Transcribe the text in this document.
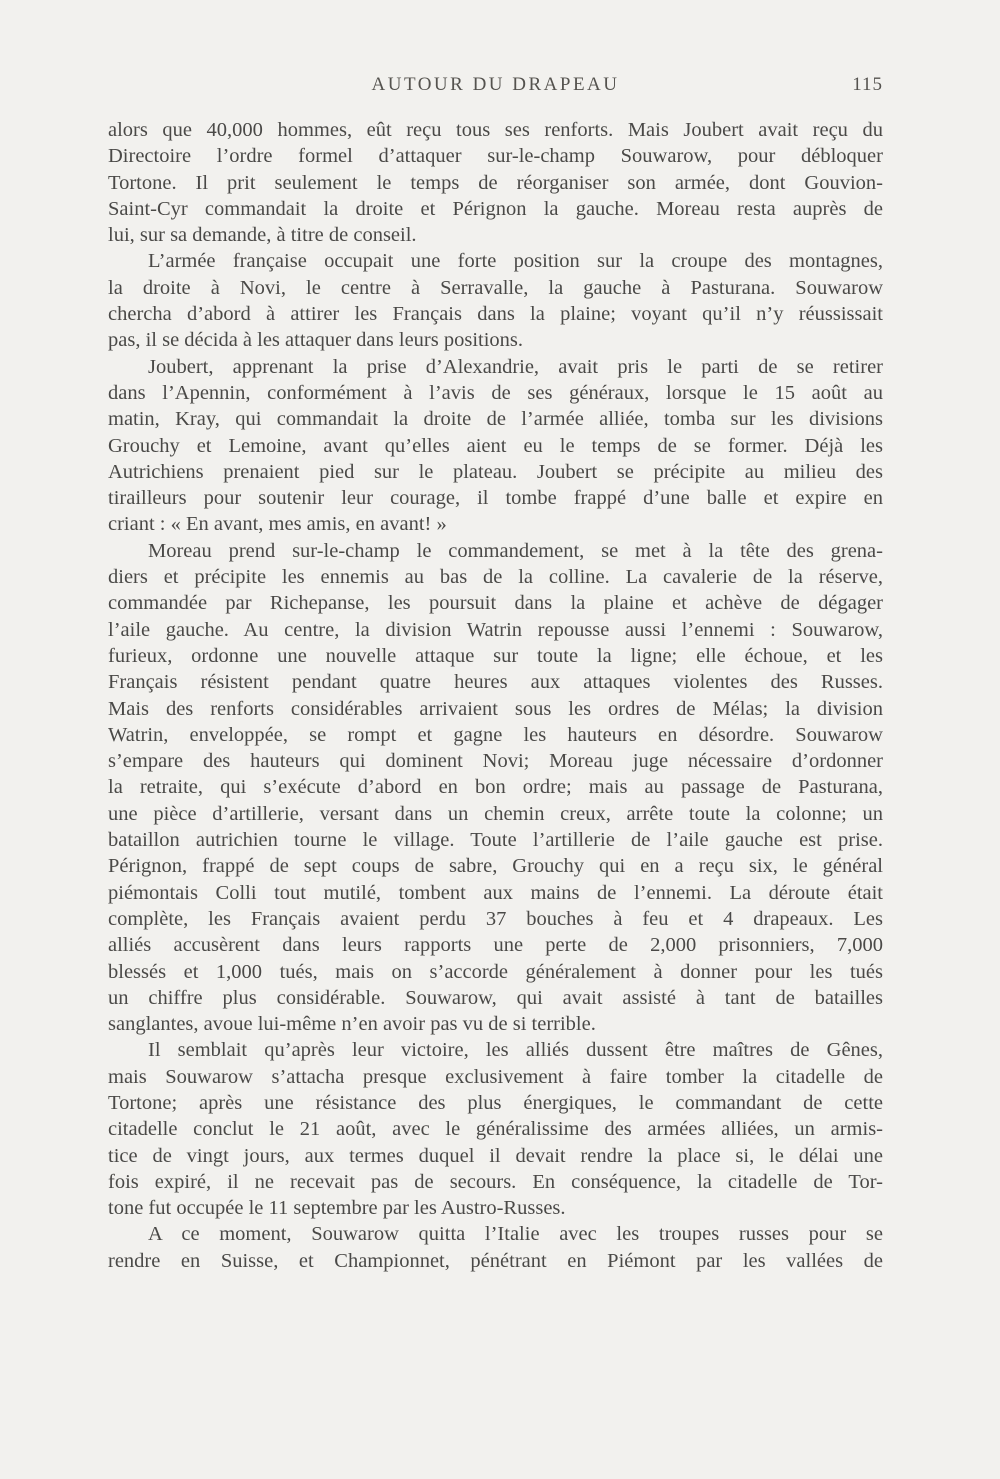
AUTOUR DU DRAPEAU	115
alors que 40,000 hommes, eût reçu tous ses renforts. Mais Joubert avait reçu du
Directoire l’ordre formel d’attaquer sur-le-champ Souwarow, pour débloquer
Tortone. Il prit seulement le temps de réorganiser son armée, dont Gouvion-
Saint-Cyr commandait la droite et Pérignon la gauche. Moreau resta auprès de
lui, sur sa demande, à titre de conseil.
L’armée française occupait une forte position sur la croupe des montagnes,
la droite à Novi, le centre à Serravalle, la gauche à Pasturana. Souwarow
chercha d’abord à attirer les Français dans la plaine; voyant qu’il n’y réussissait
pas, il se décida à les attaquer dans leurs positions.
Joubert, apprenant la prise d’Alexandrie, avait pris le parti de se retirer
dans l’Apennin, conformément à l’avis de ses généraux, lorsque le 15 août au
matin, Kray, qui commandait la droite de l’armée alliée, tomba sur les divisions
Grouchy et Lemoine, avant qu’elles aient eu le temps de se former. Déjà les
Autrichiens prenaient pied sur le plateau. Joubert se précipite au milieu des
tirailleurs pour soutenir leur courage, il tombe frappé d’une balle et expire en
criant : « En avant, mes amis, en avant! »
Moreau prend sur-le-champ le commandement, se met à la tête des grena-
diers et précipite les ennemis au bas de la colline. La cavalerie de la réserve,
commandée par Richepanse, les poursuit dans la plaine et achève de dégager
l’aile gauche. Au centre, la division Watrin repousse aussi l’ennemi : Souwarow,
furieux, ordonne une nouvelle attaque sur toute la ligne; elle échoue, et les
Français résistent pendant quatre heures aux attaques violentes des Russes.
Mais des renforts considérables arrivaient sous les ordres de Mélas; la division
Watrin, enveloppée, se rompt et gagne les hauteurs en désordre. Souwarow
s’empare des hauteurs qui dominent Novi; Moreau juge nécessaire d’ordonner
la retraite, qui s’exécute d’abord en bon ordre; mais au passage de Pasturana,
une pièce d’artillerie, versant dans un chemin creux, arrête toute la colonne; un
bataillon autrichien tourne le village. Toute l’artillerie de l’aile gauche est prise.
Pérignon, frappé de sept coups de sabre, Grouchy qui en a reçu six, le général
piémontais Colli tout mutilé, tombent aux mains de l’ennemi. La déroute était
complète, les Français avaient perdu 37 bouches à feu et 4 drapeaux. Les
alliés accusèrent dans leurs rapports une perte de 2,000 prisonniers, 7,000
blessés et 1,000 tués, mais on s’accorde généralement à donner pour les tués
un chiffre plus considérable. Souwarow, qui avait assisté à tant de batailles
sanglantes, avoue lui-même n’en avoir pas vu de si terrible.
Il semblait qu’après leur victoire, les alliés dussent être maîtres de Gênes,
mais Souwarow s’attacha presque exclusivement à faire tomber la citadelle de
Tortone; après une résistance des plus énergiques, le commandant de cette
citadelle conclut le 21 août, avec le généralissime des armées alliées, un armis-
tice de vingt jours, aux termes duquel il devait rendre la place si, le délai une
fois expiré, il ne recevait pas de secours. En conséquence, la citadelle de Tor-
tone fut occupée le 11 septembre par les Austro-Russes.
A ce moment, Souwarow quitta l’Italie avec les troupes russes pour se
rendre en Suisse, et Championnet, pénétrant en Piémont par les vallées de
